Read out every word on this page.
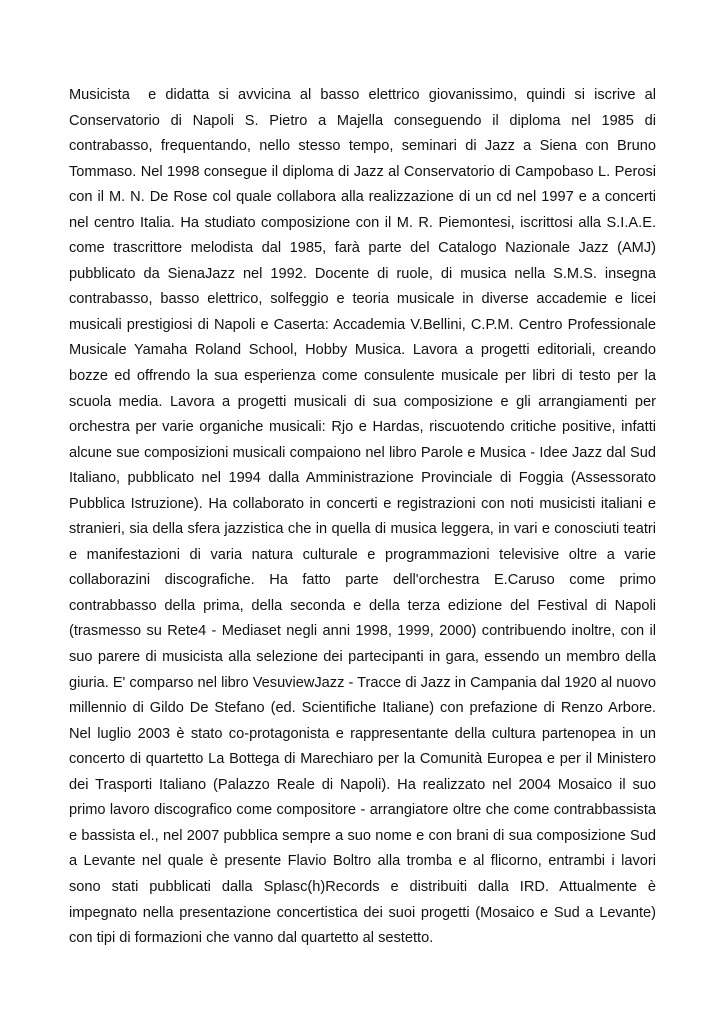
Musicista  e didatta si avvicina al basso elettrico giovanissimo, quindi si iscrive al Conservatorio di Napoli S. Pietro a Majella conseguendo il diploma nel 1985 di contrabasso, frequentando, nello stesso tempo, seminari di Jazz a Siena con Bruno Tommaso. Nel 1998 consegue il diploma di Jazz al Conservatorio di Campobaso L. Perosi con il M. N. De Rose col quale collabora alla realizzazione di un cd nel 1997 e a concerti nel centro Italia. Ha studiato composizione con il M. R. Piemontesi, iscrittosi alla S.I.A.E. come trascrittore melodista dal 1985, farà parte del Catalogo Nazionale Jazz (AMJ) pubblicato da SienaJazz nel 1992. Docente di ruole, di musica nella S.M.S. insegna contrabasso, basso elettrico, solfeggio e teoria musicale in diverse accademie e licei musicali prestigiosi di Napoli e Caserta: Accademia V.Bellini, C.P.M. Centro Professionale Musicale Yamaha Roland School, Hobby Musica. Lavora a progetti editoriali, creando bozze ed offrendo la sua esperienza come consulente musicale per libri di testo per la scuola media. Lavora a progetti musicali di sua composizione e gli arrangiamenti per orchestra per varie organiche musicali: Rjo e Hardas, riscuotendo critiche positive, infatti alcune sue composizioni musicali compaiono nel libro Parole e Musica - Idee Jazz dal Sud Italiano, pubblicato nel 1994 dalla Amministrazione Provinciale di Foggia (Assessorato Pubblica Istruzione). Ha collaborato in concerti e registrazioni con noti musicisti italiani e stranieri, sia della sfera jazzistica che in quella di musica leggera, in vari e conosciuti teatri e manifestazioni di varia natura culturale e programmazioni televisive oltre a varie collaborazini discografiche. Ha fatto parte dell'orchestra E.Caruso come primo contrabbasso della prima, della seconda e della terza edizione del Festival di Napoli (trasmesso su Rete4 - Mediaset negli anni 1998, 1999, 2000) contribuendo inoltre, con il suo parere di musicista alla selezione dei partecipanti in gara, essendo un membro della giuria. E' comparso nel libro VesuviewJazz - Tracce di Jazz in Campania dal 1920 al nuovo millennio di Gildo De Stefano (ed. Scientifiche Italiane) con prefazione di Renzo Arbore. Nel luglio 2003 è stato co-protagonista e rappresentante della cultura partenopea in un concerto di quartetto La Bottega di Marechiaro per la Comunità Europea e per il Ministero dei Trasporti Italiano (Palazzo Reale di Napoli). Ha realizzato nel 2004 Mosaico il suo primo lavoro discografico come compositore - arrangiatore oltre che come contrabbassista e bassista el., nel 2007 pubblica sempre a suo nome e con brani di sua composizione Sud a Levante nel quale è presente Flavio Boltro alla tromba e al flicorno, entrambi i lavori sono stati pubblicati dalla Splasc(h)Records e distribuiti dalla IRD. Attualmente è impegnato nella presentazione concertistica dei suoi progetti (Mosaico e Sud a Levante) con tipi di formazioni che vanno dal quartetto al sestetto.
